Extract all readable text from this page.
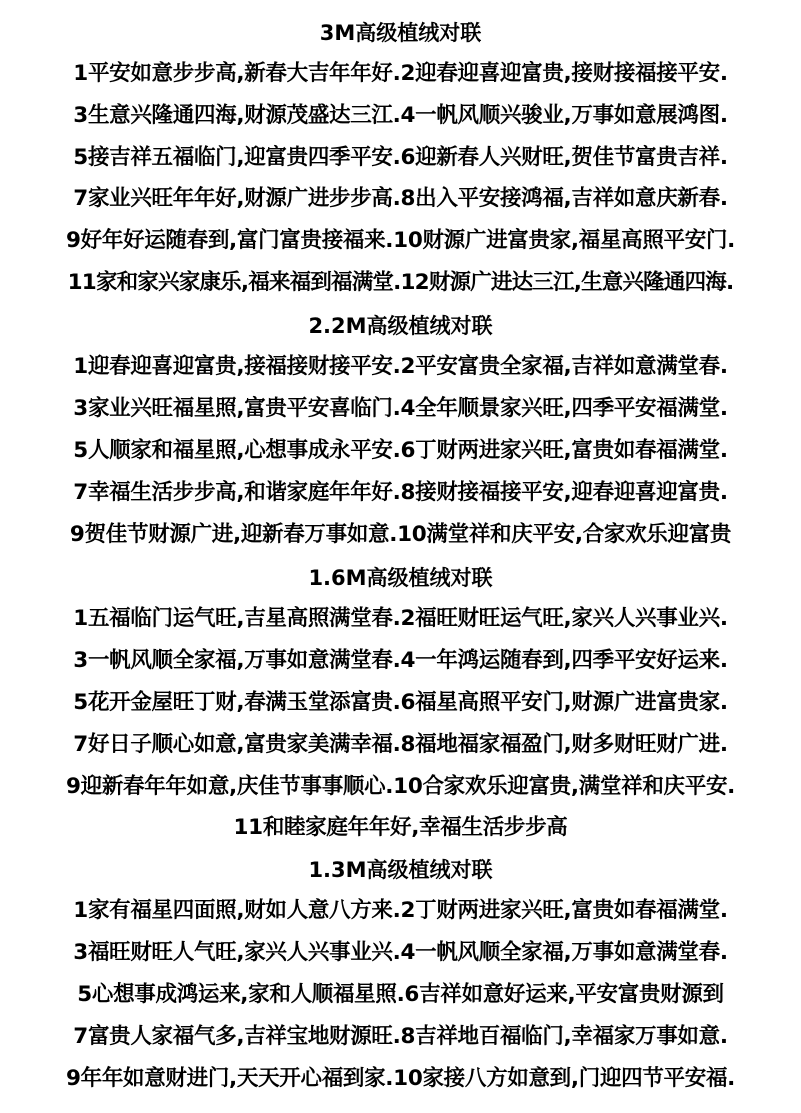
3M高级植绒对联
1平安如意步步高,新春大吉年年好.2迎春迎喜迎富贵,接财接福接平安.
3生意兴隆通四海,财源茂盛达三江.4一帆风顺兴骏业,万事如意展鸿图.
5接吉祥五福临门,迎富贵四季平安.6迎新春人兴财旺,贺佳节富贵吉祥.
7家业兴旺年年好,财源广进步步高.8出入平安接鸿福,吉祥如意庆新春.
9好年好运随春到,富门富贵接福来.10财源广进富贵家,福星高照平安门.
11家和家兴家康乐,福来福到福满堂.12财源广进达三江,生意兴隆通四海.
2.2M高级植绒对联
1迎春迎喜迎富贵,接福接财接平安.2平安富贵全家福,吉祥如意满堂春.
3家业兴旺福星照,富贵平安喜临门.4全年顺景家兴旺,四季平安福满堂.
5人顺家和福星照,心想事成永平安.6丁财两进家兴旺,富贵如春福满堂.
7幸福生活步步高,和谐家庭年年好.8接财接福接平安,迎春迎喜迎富贵.
9贺佳节财源广进,迎新春万事如意.10满堂祥和庆平安,合家欢乐迎富贵
1.6M高级植绒对联
1五福临门运气旺,吉星高照满堂春.2福旺财旺运气旺,家兴人兴事业兴.
3一帆风顺全家福,万事如意满堂春.4一年鸿运随春到,四季平安好运来.
5花开金屋旺丁财,春满玉堂添富贵.6福星高照平安门,财源广进富贵家.
7好日子顺心如意,富贵家美满幸福.8福地福家福盈门,财多财旺财广进.
9迎新春年年如意,庆佳节事事顺心.10合家欢乐迎富贵,满堂祥和庆平安.
11和睦家庭年年好,幸福生活步步高
1.3M高级植绒对联
1家有福星四面照,财如人意八方来.2丁财两进家兴旺,富贵如春福满堂.
3福旺财旺人气旺,家兴人兴事业兴.4一帆风顺全家福,万事如意满堂春.
5心想事成鸿运来,家和人顺福星照.6吉祥如意好运来,平安富贵财源到
7富贵人家福气多,吉祥宝地财源旺.8吉祥地百福临门,幸福家万事如意.
9年年如意财进门,天天开心福到家.10家接八方如意到,门迎四节平安福.
